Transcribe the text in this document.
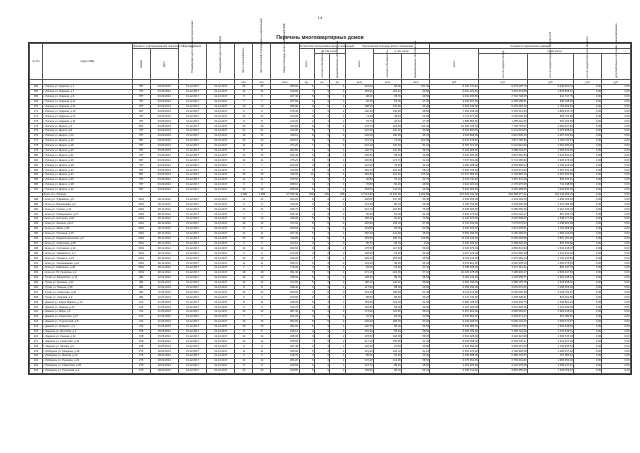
14
Перечень многоквартирных домов
№ п/п	Адрес МКД	Документ, подтверждающий признание МКД аварийным		Планируемая дата окончания переселения	Планируемая дата сноса МКД	Число жителей всего	Число жителей, планируемых к переселению	Общая площадь жилых помещений МКД	Количество расселяемых жилых помещений			Расселяемая площадь жилых помещений			Стоимость переселения граждан				
		Номер	Дата						всего	в том числе		всего	в том числе		всего	в том числе			
										частная собственность	муниципальная собственность		частная собственность	муниципальная собственность		за счет средств Фонда	за счет средств бюджета субъекта РФ	за счет средств местного бюджета	дополнительные источники финансирования
						чел.	чел.	кв.м	ед.	ед.	ед.	кв.м	кв.м	кв.м	руб.	руб.	руб.	руб.	руб.
154	г. Липецк ул. Ударная, д.1	787	03.09.2013	31.12.2017	31.12.2017	26	26	280,60	6	2	4	219,60	68,30	151,30	8 120 770,40	6 075 205,70	2 045 564,70	0,00	0,00
155	г. Липецк ул. Ударная, д.7	787	03.09.2013	31.12.2017	31.12.2017	14	14	219,80	7	4	3	163,90	103,10	60,80	6 061 222,00	4 534 413,88	1 526 808,12	0,00	0,00
156	г. Липецк ул. Ударная, д.9	787	03.09.2013	31.12.2017	31.12.2017	5	5	207,40	5	3	2	98,20	58,70	39,50	3 631 495,80	2 716 748,05	914 747,75	0,00	0,00
169	г. Липецк ул. Ударная, д.11	787	03.09.2013	31.12.2017	31.12.2017	7	7	207,60	4	3	1	90,20	63,00	27,20	3 335 457,00	2 495 288,91	840 168,09	0,00	0,00
170	г. Липецк ул. Ударная, д.21	787	03.09.2013	31.12.2017	31.12.2017	10	10	266,90	6	5	1	188,30	154,90	33,40	6 963 345,60	5 209 283,10	1 754 062,50	0,00	0,00
171	г. Липецк ул. Ударная, д.23	897	03.09.2013	31.12.2017	31.12.2017	9	9	276,30	7	5	2	196,40	136,90	59,50	7 262 946,00	5 433 414,30	1 829 531,70	0,00	0,00
172	г. Липецк ул. Ударная, д.27	787	03.09.2013	31.12.2017	31.12.2017	12	12	213,00	3	2	1	73,40	49,40	24,00	2 714 377,20	2 030 625,40	683 751,80	0,00	0,00
173	г. Липецк ул. Ударная, д.31	787	03.09.2013	31.12.2017	31.12.2017	8	8	210,20	2	1	1	53,70	26,40	27,30	1 985 850,60	1 485 616,95	500 233,65	0,00	0,00
174	г. Липецк ул. Щорса, д.4	897	03.09.2013	31.12.2017	31.12.2017	30	30	423,80	9	5	4	278,70	164,40	114,30	10 305 726,60	7 709 718,67	2 596 007,93	0,00	0,00
175	г. Липецк ул. Щорса, д.8	787	03.09.2013	31.12.2017	31.12.2017	21	21	410,30	8	7	1	222,00	191,20	30,80	8 209 560,00	6 141 591,84	2 067 968,16	0,00	0,00
176	г. Липецк ул. Щорса, д.12	787	03.09.2013	31.12.2017	31.12.2017	15	15	415,10	8	5	3	246,60	150,90	95,70	9 118 868,00	6 821 835,16	2 297 032,84	0,00	0,00
177	г. Липецк ул. Щорса, д.16	897	03.09.2013	31.12.2017	31.12.2017	10	10	264,10	5	2	3	176,10	73,20	102,90	6 512 178,00	4 871 766,36	1 640 411,64	0,00	0,00
178	г. Липецк ул. Щорса, д.18	787	03.09.2013	31.12.2017	31.12.2017	11	11	274,20	7	4	3	221,40	140,30	81,10	8 187 372,00	6 124 991,99	2 062 380,01	0,00	0,00
179	г. Липецк ул. Щорса, д.20	787	03.09.2013	31.12.2017	31.12.2017	8	8	203,80	4	3	1	146,70	110,00	36,70	5 424 966,00	4 058 443,07	1 366 522,93	0,00	0,00
180	г. Липецк ул. Щорса, д.22	787	03.09.2013	31.12.2017	31.12.2017	12	12	208,40	6	4	2	140,90	98,10	42,80	5 210 482,00	3 897 981,59	1 312 500,41	0,00	0,00
181	г. Липецк ул. Щорса, д.26	897	03.09.2013	31.12.2017	31.12.2017	14	14	275,20	6	5	1	206,80	174,70	32,10	7 647 464,00	5 721 085,82	1 926 378,18	0,00	0,00
182	г. Липецк ул. Щорса, д.28	787	03.09.2013	31.12.2017	31.12.2017	7	7	209,00	3	2	1	110,60	76,50	34,10	4 090 188,00	3 059 869,64	1 030 318,36	0,00	0,00
183	г. Липецк ул. Щорса, д.32	787	03.09.2013	31.12.2017	31.12.2017	9	9	212,80	5	3	2	159,70	101,60	58,10	5 905 706,00	4 418 074,66	1 487 631,34	0,00	0,00
184	г. Липецк ул. Щорса, д.34	897	03.09.2013	31.12.2017	31.12.2017	19	19	430,30	10	6	4	350,80	214,20	136,60	12 972 584,00	9 704 890,10	3 267 693,90	0,00	0,00
185	г. Липецк ул. Щорса, д.36	787	03.09.2013	31.12.2017	31.12.2017	11	11	270,50	4	3	1	92,80	70,10	22,70	3 431 744,00	2 567 311,69	864 432,31	0,00	0,00
186	г. Липецк ул. Щорса, д.38	787	03.09.2013	31.12.2017	31.12.2017	6	6	208,10	3	2	1	78,80	50,20	28,60	2 914 024,00	2 179 975,35	734 048,65	0,00	0,00
187	г. Липецк ул. Щорса, д.42	897	03.09.2013	31.12.2017	31.12.2017	13	13	268,90	6	4	2	154,00	111,70	42,30	5 694 920,00	4 260 389,65	1 434 530,35	0,00	0,00
	Итого по г. Липецку					1 285	1 285	27 946,40	658	420	238	17 512,80	11 310,00	6 202,80	647 623 344,00	484 486 977,21	163 136 366,79	0,00	0,00
188	г. Елец ул. 9 Декабря, д.5	1061	28.12.2012	31.12.2017	31.12.2017	12	12	264,20	6	4	2	160,60	107,30	53,30	5 939 356,00	4 443 249,54	1 496 106,46	0,00	0,00
189	г. Елец ул. Вермишева, д.3	1061	28.12.2012	31.12.2017	31.12.2017	9	9	210,30	4	3	1	112,40	80,10	32,30	4 156 752,00	3 109 666,65	1 047 085,35	0,00	0,00
190	г. Елец ул. Героев, д.11	1061	28.12.2012	31.12.2017	31.12.2017	14	14	325,70	7	5	2	241,70	164,80	76,90	8 938 066,00	6 686 566,96	2 251 499,04	0,00	0,00
191	г. Елец ул. Коммунаров, д.27	1061	28.12.2012	31.12.2017	31.12.2017	7	7	185,40	3	2	1	96,30	62,00	34,30	3 561 174,00	2 664 140,27	897 033,73	0,00	0,00
192	г. Елец ул. Костенко, д.46	1061	28.12.2012	31.12.2017	31.12.2017	10	10	248,90	5	3	2	166,20	94,40	71,80	6 146 076,00	4 597 898,06	1 548 177,94	0,00	0,00
193	г. Елец ул. Ленина, д.117	1061	28.12.2012	31.12.2017	31.12.2017	16	16	371,60	8	6	2	262,90	195,10	67,80	9 722 042,00	7 273 079,62	2 448 962,38	0,00	0,00
194	г. Елец ул. Мира, д.86	1061	28.12.2012	31.12.2017	31.12.2017	8	8	202,50	4	2	2	119,80	55,90	63,90	4 430 204,00	3 314 235,61	1 115 968,39	0,00	0,00
195	г. Елец ул. Пушкина, д.33	1061	28.12.2012	31.12.2017	31.12.2017	11	11	267,40	5	4	1	150,20	121,60	28,60	5 554 396,00	4 155 269,65	1 399 126,35	0,00	0,00
196	г. Елец ул. Радиотехническая, д.4	1061	28.12.2012	31.12.2017	31.12.2017	20	20	418,80	9	5	4	303,50	166,70	136,80	11 223 430,00	8 396 248,98	2 827 181,02	0,00	0,00
197	г. Елец ул. Советская, д.58	1061	28.12.2012	31.12.2017	31.12.2017	6	6	152,10	3	3	0	86,70	86,70	0,00	3 206 166,00	2 398 533,18	807 632,82	0,00	0,00
198	г. Елец ул. Спутников, д.12	1061	28.12.2012	31.12.2017	31.12.2017	13	13	290,60	6	4	2	176,50	117,40	59,10	6 526 970,00	4 882 831,93	1 644 138,07	0,00	0,00
199	г. Елец ул. Таманского, д.7	1061	28.12.2012	31.12.2017	31.12.2017	9	9	214,00	4	2	2	108,90	54,30	54,60	4 027 122,00	3 012 690,38	1 014 431,62	0,00	0,00
200	г. Елец ул. Урицкого, д.19	1061	28.12.2012	31.12.2017	31.12.2017	15	15	330,20	7	5	2	229,10	163,50	65,60	8 472 118,00	6 337 984,34	2 134 133,66	0,00	0,00
201	г. Елец ул. Черокманова, д.21	1061	28.12.2012	31.12.2017	31.12.2017	11	11	258,70	5	3	2	164,30	98,90	65,40	6 075 814,00	4 545 335,45	1 530 478,55	0,00	0,00
202	г. Елец ул. Шевченко, д.40	1061	28.12.2012	31.12.2017	31.12.2017	7	7	176,90	3	2	1	94,60	63,20	31,40	3 498 308,00	2 617 110,21	881 197,79	0,00	0,00
203	г. Елец ул. Ю. Гагарина, д.2	1061	28.12.2012	31.12.2017	31.12.2017	18	18	392,40	8	6	2	271,10	204,00	67,10	10 025 278,00	7 499 930,47	2 525 347,53	0,00	0,00
204	г. Грязи ул. Воровского, д.12	384	12.04.2013	31.12.2017	31.12.2017	10	10	236,50	5	3	2	148,30	89,70	58,60	5 484 134,00	4 102 695,57	1 381 438,43	0,00	0,00
205	г. Грязи ул. Красная, д.31	384	12.04.2013	31.12.2017	31.12.2017	12	12	271,80	6	4	2	180,20	120,40	59,80	6 663 796,00	4 985 187,78	1 678 608,22	0,00	0,00
206	г. Грязи ул. Ленина, д.56	384	12.04.2013	31.12.2017	31.12.2017	8	8	198,40	4	3	1	117,90	88,30	29,60	4 359 942,00	3 261 672,61	1 098 269,39	0,00	0,00
207	г. Грязи ул. Советская, д.24	384	12.04.2013	31.12.2017	31.12.2017	14	14	309,60	7	5	2	219,40	158,00	61,40	8 113 412,00	6 069 660,93	2 043 751,07	0,00	0,00
208	г. Грязи ул. Чкалова, д.9	384	12.04.2013	31.12.2017	31.12.2017	6	6	154,80	3	2	1	88,50	58,30	30,20	3 272 730,00	2 448 328,31	824 401,69	0,00	0,00
209	г. Данков ул. Карла Маркса, д.14	212	21.06.2013	31.12.2017	31.12.2017	11	11	249,30	5	4	1	153,60	122,10	31,50	5 680 128,00	4 249 323,76	1 430 804,24	0,00	0,00
210	г. Данков ул. Ленина, д.32	212	21.06.2013	31.12.2017	31.12.2017	9	9	213,70	4	3	1	120,80	89,90	30,90	4 467 184,00	3 341 900,35	1 125 283,65	0,00	0,00
211	г. Данков ул. Мира, д.5	212	21.06.2013	31.12.2017	31.12.2017	13	13	287,40	6	4	2	174,90	115,80	59,10	6 467 802,00	4 838 563,67	1 629 238,33	0,00	0,00
212	г. Данков ул. Советская, д.27	212	21.06.2013	31.12.2017	31.12.2017	7	7	181,20	3	2	1	97,40	64,60	32,80	3 601 852,00	2 694 571,47	907 280,53	0,00	0,00
213	г. Данков ул. Строителей, д.8	212	21.06.2013	31.12.2017	31.12.2017	16	16	352,90	8	6	2	249,60	186,30	63,30	9 230 208,00	6 905 133,33	2 325 074,67	0,00	0,00
214	г. Данков ул. Урицкого, д.3	212	21.06.2013	31.12.2017	31.12.2017	10	10	231,60	5	3	2	140,70	86,20	54,50	5 203 086,00	3 892 447,67	1 310 638,33	0,00	0,00
215	г. Задонск ул. Крупской, д.4	158	15.05.2013	31.12.2017	31.12.2017	8	8	196,10	4	2	2	115,30	56,40	58,90	4 263 794,00	3 189 744,29	1 074 049,71	0,00	0,00
216	г. Задонск ул. Ленина, д.41	158	15.05.2013	31.12.2017	31.12.2017	12	12	268,30	6	4	2	178,60	118,90	59,70	6 604 628,00	4 940 922,96	1 663 705,04	0,00	0,00
217	г. Задонск ул. Советская, д.16	158	15.05.2013	31.12.2017	31.12.2017	14	14	305,80	7	5	2	217,10	155,80	61,30	8 028 358,00	6 006 030,61	2 022 327,39	0,00	0,00
218	г. Задонск ул. Чехова, д.2	158	15.05.2013	31.12.2017	31.12.2017	9	9	207,40	4	3	1	122,30	91,50	30,80	4 522 654,00	3 383 397,46	1 139 256,54	0,00	0,00
219	г. Лебедянь ул. Гагарина, д.18	275	18.03.2013	31.12.2017	31.12.2017	11	11	246,90	5	4	1	151,20	120,10	31,10	5 591 376,00	4 182 928,38	1 408 447,62	0,00	0,00
220	г. Лебедянь ул. Ленина, д.10	275	18.03.2013	31.12.2017	31.12.2017	6	6	148,70	3	2	1	85,60	56,20	29,40	3 165 488,00	2 368 101,57	797 386,43	0,00	0,00
221	г. Лебедянь ул. Пушкина, д.22	275	18.03.2013	31.12.2017	31.12.2017	13	13	284,20	6	4	2	172,40	113,90	58,50	6 375 352,00	4 769 401,82	1 605 950,18	0,00	0,00
222	г. Лебедянь ул. Советская, д.35	275	18.03.2013	31.12.2017	31.12.2017	8	8	193,60	4	3	1	113,70	85,10	28,60	4 204 626,00	3 145 478,99	1 059 147,01	0,00	0,00
223	г. Лебедянь ул. Тургенева, д.6	275	18.03.2013	31.12.2017	31.12.2017	10	10	229,80	5	3	2	139,50	85,40	54,10	5 158 710,00	3 859 250,93	1 299 459,07	0,00	0,00
